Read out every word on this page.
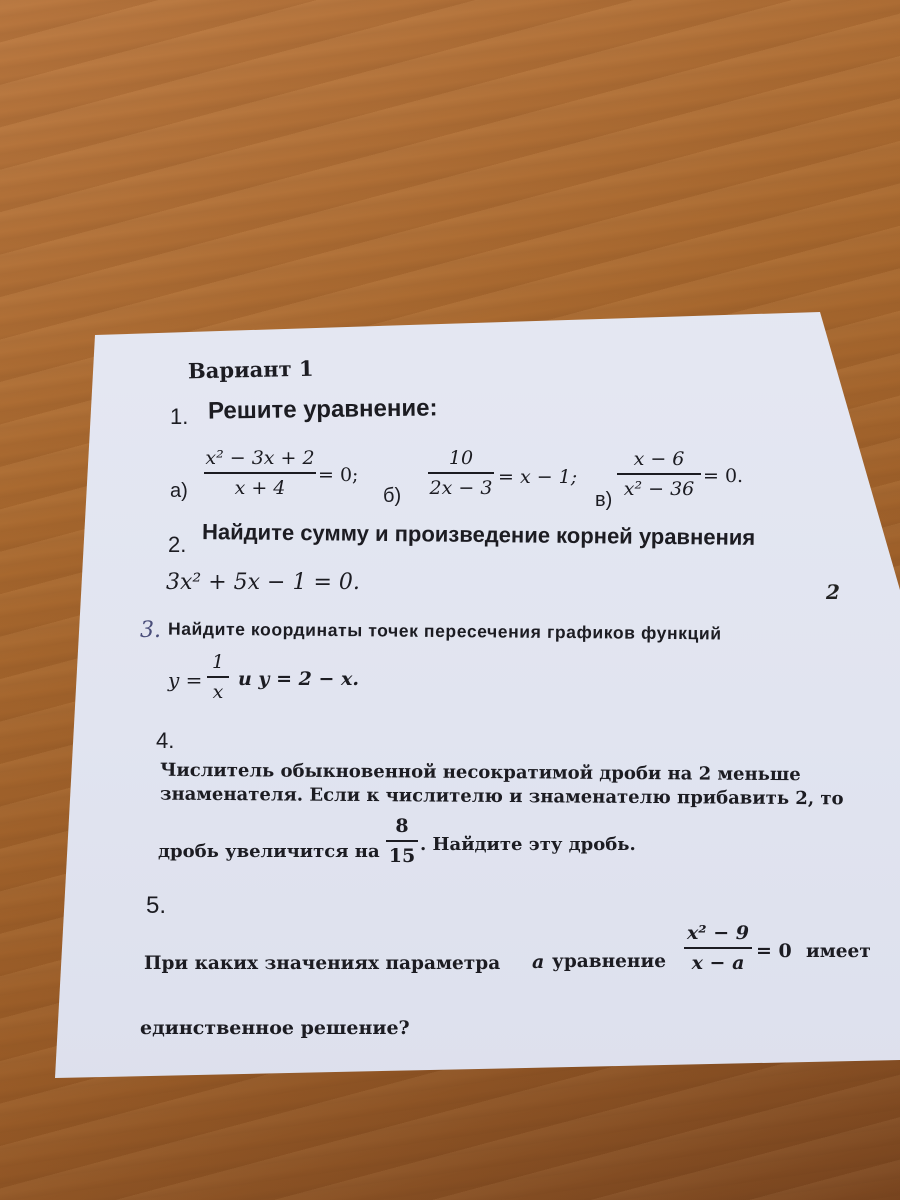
Вариант 1
1. Решите уравнение:
а)
x² − 3x + 2
x + 4
= 0;
б)
10
2x − 3 = x − 1;
в)
x − 6
x² − 36
= 0.
2. Найдите сумму и произведение корней уравнения
3x² + 5x − 1 = 0.	2
3. Найдите координаты точек пересечения графиков функций
y =
1
x
и y = 2 − x.
4.
Числитель обыкновенной несократимой дроби на 2 меньше
знаменателя. Если к числителю и знаменателю прибавить 2, то
дробь увеличится на
8
15
. Найдите эту дробь.
5.
При каких значениях параметра a уравнение
x² − 9
x − a
= 0 имеет
единственное решение?
